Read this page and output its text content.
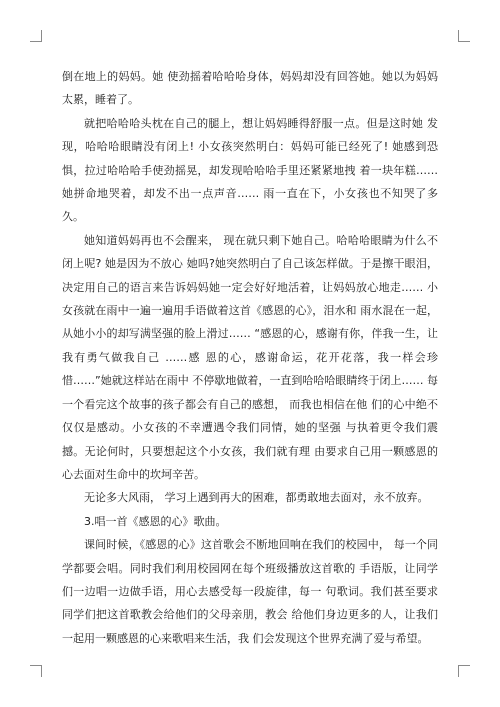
倒在地上的妈妈。她 使劲摇着哈哈哈身体，妈妈却没有回答她。她以为妈妈太累，睡着了。

就把哈哈哈头枕在自己的腿上，想让妈妈睡得舒服一点。但是这时她 发现，哈哈哈眼睛没有闭上! 小女孩突然明白：妈妈可能已经死了! 她感到恐惧，拉过哈哈哈手使劲摇晃，却发现哈哈哈手里还紧紧地拽 着一块年糕……她拼命地哭着，却发不出一点声音…… 雨一直在下，小女孩也不知哭了多久。

她知道妈妈再也不会醒来， 现在就只剩下她自己。哈哈哈眼睛为什么不闭上呢? 她是因为不放心 她吗?她突然明白了自己该怎样做。于是擦干眼泪，决定用自己的语言来告诉妈妈她一定会好好地活着，让妈妈放心地走…… 小女孩就在雨中一遍一遍用手语做着这首《感恩的心》，泪水和 雨水混在一起，从她小小的却写满坚强的脸上滑过…… “感恩的心，感谢有你，伴我一生，让我有勇气做我自己 ……感 恩的心，感谢命运，花开花落，我一样会珍惜……”她就这样站在雨中 不停歇地做着，一直到哈哈哈眼睛终于闭上…… 每一个看完这个故事的孩子都会有自己的感想， 而我也相信在他 们的心中绝不仅仅是感动。小女孩的不幸遭遇令我们同情，她的坚强 与执着更令我们震撼。无论何时，只要想起这个小女孩，我们就有理 由要求自己用一颗感恩的心去面对生命中的坎坷辛苦。

无论多大风雨， 学习上遇到再大的困难，都勇敢地去面对，永不放弃。

3.唱一首《感恩的心》歌曲。

课间时候，《感恩的心》这首歌会不断地回响在我们的校园中， 每一个同学都要会唱。同时我们利用校园网在每个班级播放这首歌的 手语版，让同学们一边唱一边做手语，用心去感受每一段旋律，每一 句歌词。我们甚至要求同学们把这首歌教会给他们的父母亲朋，教会 给他们身边更多的人，让我们一起用一颗感恩的心来歌唱来生活，我 们会发现这个世界充满了爱与希望。
